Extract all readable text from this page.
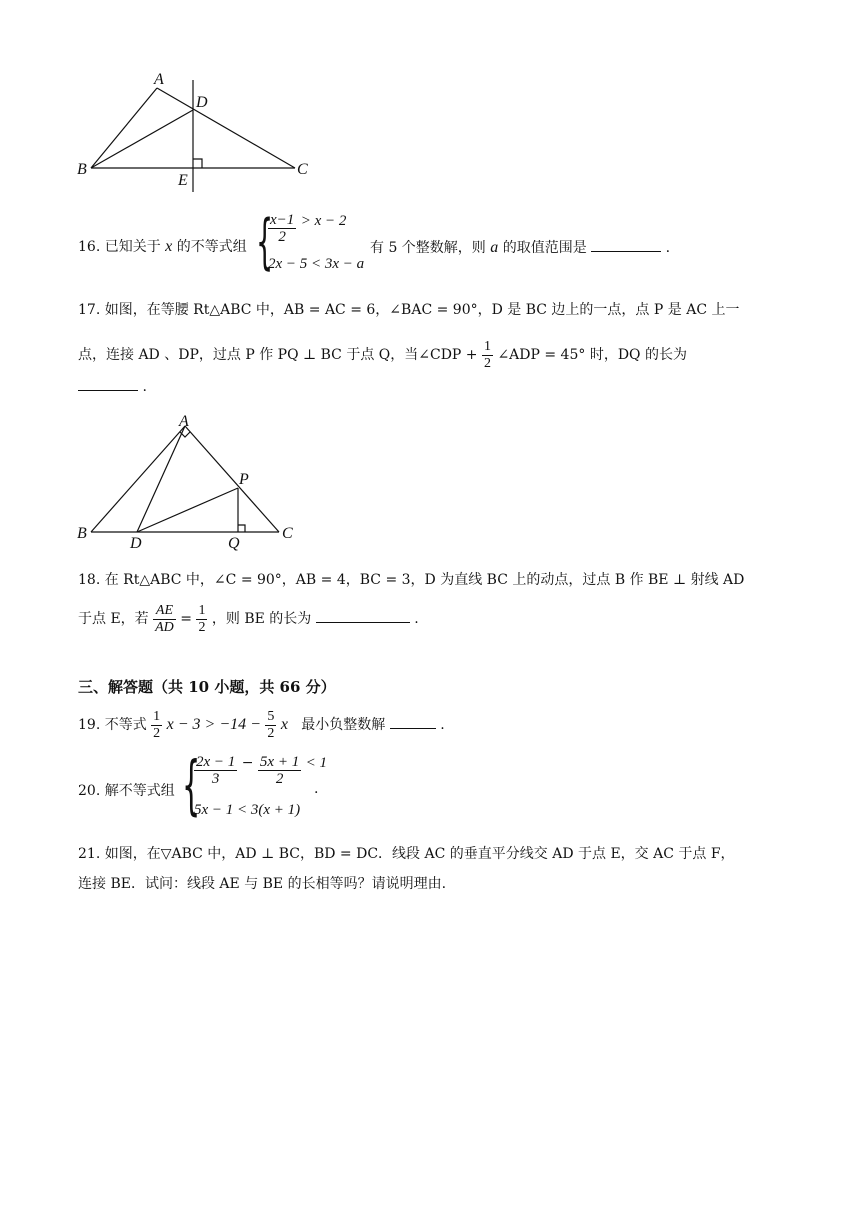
A
D
B
E
C
16. 已知关于 x 的不等式组 {
$\frac{x-1}{2} > x - 2$
2x − 5 < 3x − a
有 5 个整数解，则 a 的取值范围是	.
17. 如图，在等腰 Rt△ABC 中，AB = AC = 6，∠BAC = 90°，D 是 BC 边上的一点，点 P 是 AC 上一
点，连接 AD 、DP，过点 P 作 PQ ⊥ BC 于点 Q，当∠CDP + $\frac{1}{2}$ ∠ADP = 45° 时，DQ 的长为
.
A
P
B
D	Q
C
18. 在 Rt△ABC 中，∠C = 90°，AB = 4，BC = 3，D 为直线 BC 上的动点，过点 B 作 BE ⊥ 射线 AD
于点 E，若 $\frac{AE}{AD} = \frac{1}{2}$ ，则 BE 的长为	.
三、解答题（共 10 小题，共 66 分）
19. 不等式 $\frac{1}{2}$ $x - 3 > -14 - \frac{5}{2}$ x 最小负整数解	.
20. 解不等式组 {
$\frac{2x - 1}{3} - \frac{5x + 1}{2} < 1$
5x − 1 < 3(x + 1)
.
21. 如图，在▽ABC 中，AD ⊥ BC，BD = DC．线段 AC 的垂直平分线交 AD 于点 E，交 AC 于点 F，
连接 BE．试问：线段 AE 与 BE 的长相等吗？请说明理由.
